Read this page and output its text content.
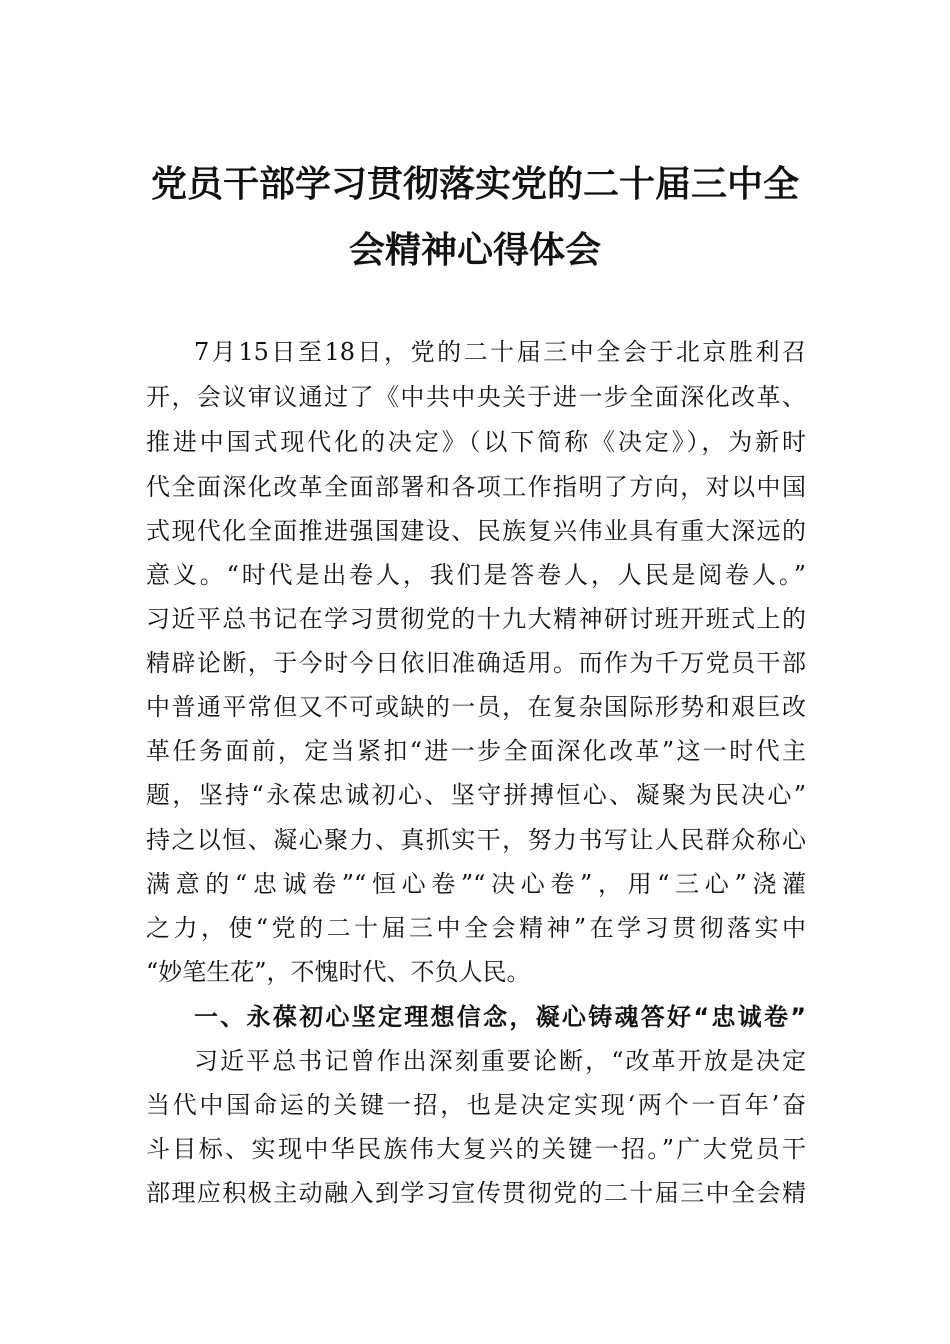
党员干部学习贯彻落实党的二十届三中全
会精神心得体会
7月15日至18日，党的二十届三中全会于北京胜利召
开，会议审议通过了《中共中央关于进一步全面深化改革、
推进中国式现代化的决定》（以下简称《决定》），为新时
代全面深化改革全面部署和各项工作指明了方向，对以中国
式现代化全面推进强国建设、民族复兴伟业具有重大深远的
意义。“时代是出卷人，我们是答卷人，人民是阅卷人。”
习近平总书记在学习贯彻党的十九大精神研讨班开班式上的
精辟论断，于今时今日依旧准确适用。而作为千万党员干部
中普通平常但又不可或缺的一员，在复杂国际形势和艰巨改
革任务面前，定当紧扣“进一步全面深化改革”这一时代主
题，坚持“永葆忠诚初心、坚守拼搏恒心、凝聚为民决心”
持之以恒、凝心聚力、真抓实干，努力书写让人民群众称心
满意的“忠诚卷”“恒心卷”“决心卷”，用“三心”浇灌
之力，使“党的二十届三中全会精神”在学习贯彻落实中
“妙笔生花”，不愧时代、不负人民。
一、永葆初心坚定理想信念，凝心铸魂答好“忠诚卷”
习近平总书记曾作出深刻重要论断，“改革开放是决定
当代中国命运的关键一招，也是决定实现‘两个一百年’奋
斗目标、实现中华民族伟大复兴的关键一招。”广大党员干
部理应积极主动融入到学习宣传贯彻党的二十届三中全会精
